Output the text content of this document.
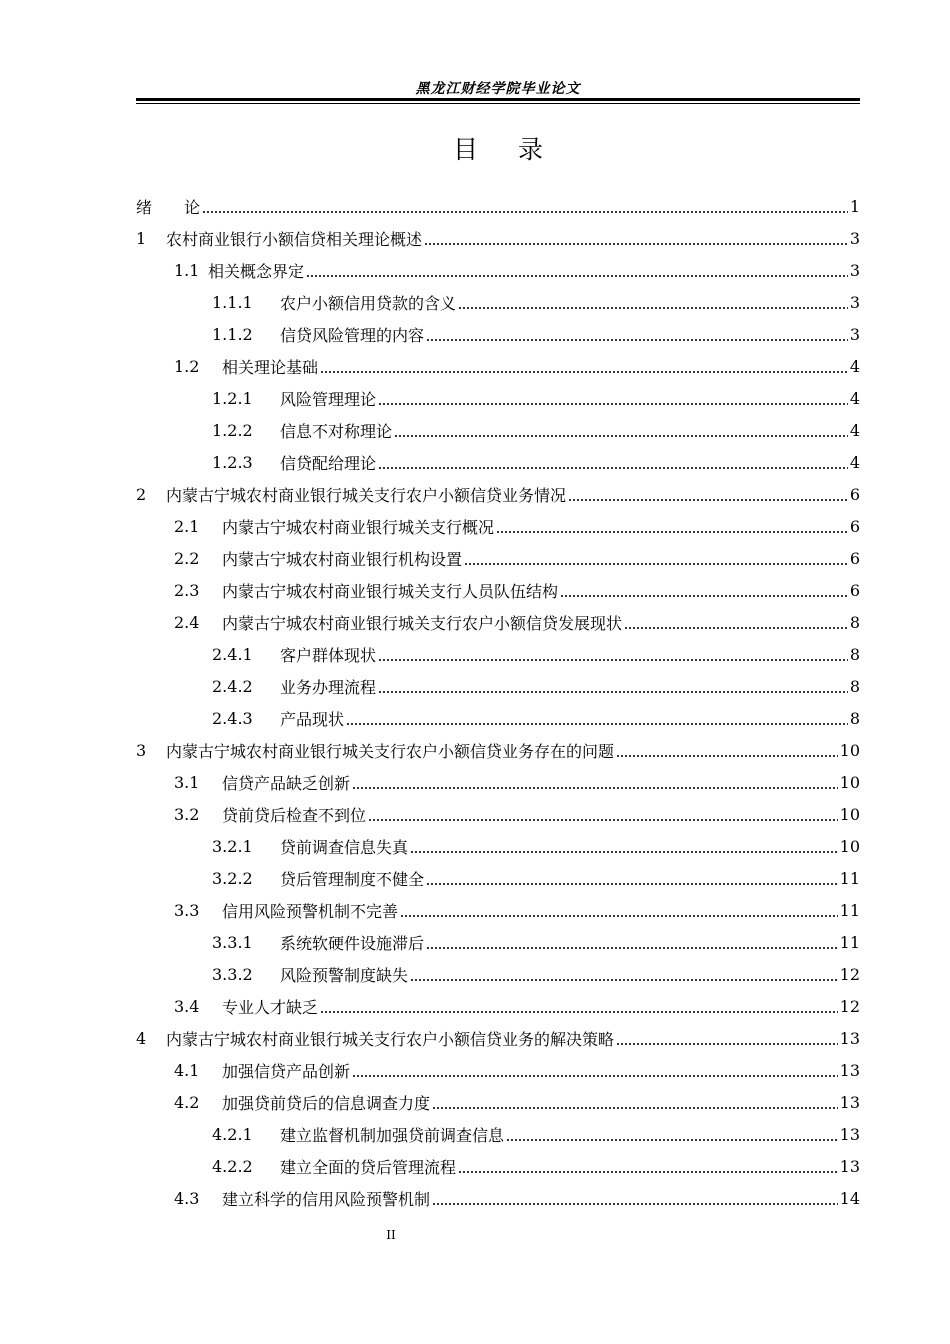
黑龙江财经学院毕业论文
目录
绪　　论	1
1	农村商业银行小额信贷相关理论概述	3
1.1 相关概念界定	3
1.1.1	农户小额信用贷款的含义	3
1.1.2	信贷风险管理的内容	3
1.2	相关理论基础	4
1.2.1	风险管理理论	4
1.2.2	信息不对称理论	4
1.2.3	信贷配给理论	4
2	内蒙古宁城农村商业银行城关支行农户小额信贷业务情况	6
2.1	内蒙古宁城农村商业银行城关支行概况	6
2.2	内蒙古宁城农村商业银行机构设置	6
2.3	内蒙古宁城农村商业银行城关支行人员队伍结构	6
2.4	内蒙古宁城农村商业银行城关支行农户小额信贷发展现状	8
2.4.1	客户群体现状	8
2.4.2	业务办理流程	8
2.4.3	产品现状	8
3	内蒙古宁城农村商业银行城关支行农户小额信贷业务存在的问题	10
3.1	信贷产品缺乏创新	10
3.2	贷前贷后检查不到位	10
3.2.1	贷前调查信息失真	10
3.2.2	贷后管理制度不健全	11
3.3	信用风险预警机制不完善	11
3.3.1	系统软硬件设施滞后	11
3.3.2	风险预警制度缺失	12
3.4	专业人才缺乏	12
4	内蒙古宁城农村商业银行城关支行农户小额信贷业务的解决策略	13
4.1	加强信贷产品创新	13
4.2	加强贷前贷后的信息调查力度	13
4.2.1	建立监督机制加强贷前调查信息	13
4.2.2	建立全面的贷后管理流程	13
4.3	建立科学的信用风险预警机制	14
II
